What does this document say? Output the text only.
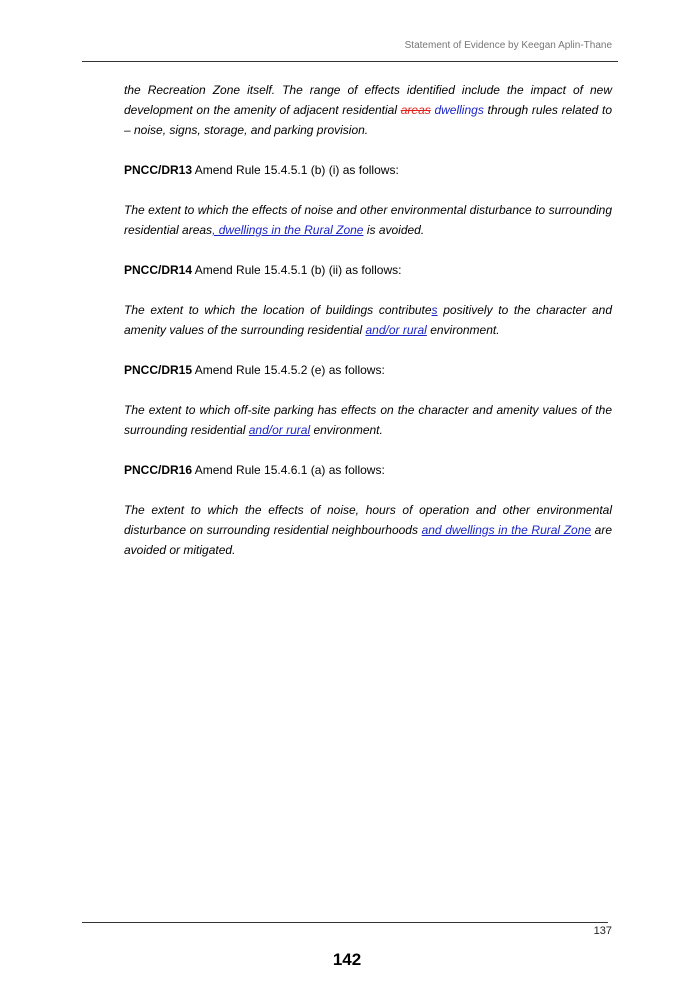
Statement of Evidence by Keegan Aplin-Thane

the Recreation Zone itself. The range of effects identified include the impact of new development on the amenity of adjacent residential areas dwellings through rules related to – noise, signs, storage, and parking provision.

PNCC/DR13 Amend Rule 15.4.5.1 (b) (i) as follows:

The extent to which the effects of noise and other environmental disturbance to surrounding residential areas, dwellings in the Rural Zone is avoided.

PNCC/DR14 Amend Rule 15.4.5.1 (b) (ii) as follows:

The extent to which the location of buildings contributes positively to the character and amenity values of the surrounding residential and/or rural environment.

PNCC/DR15 Amend Rule 15.4.5.2 (e) as follows:

The extent to which off-site parking has effects on the character and amenity values of the surrounding residential and/or rural environment.

PNCC/DR16 Amend Rule 15.4.6.1 (a) as follows:

The extent to which the effects of noise, hours of operation and other environmental disturbance on surrounding residential neighbourhoods and dwellings in the Rural Zone are avoided or mitigated.

137
142
